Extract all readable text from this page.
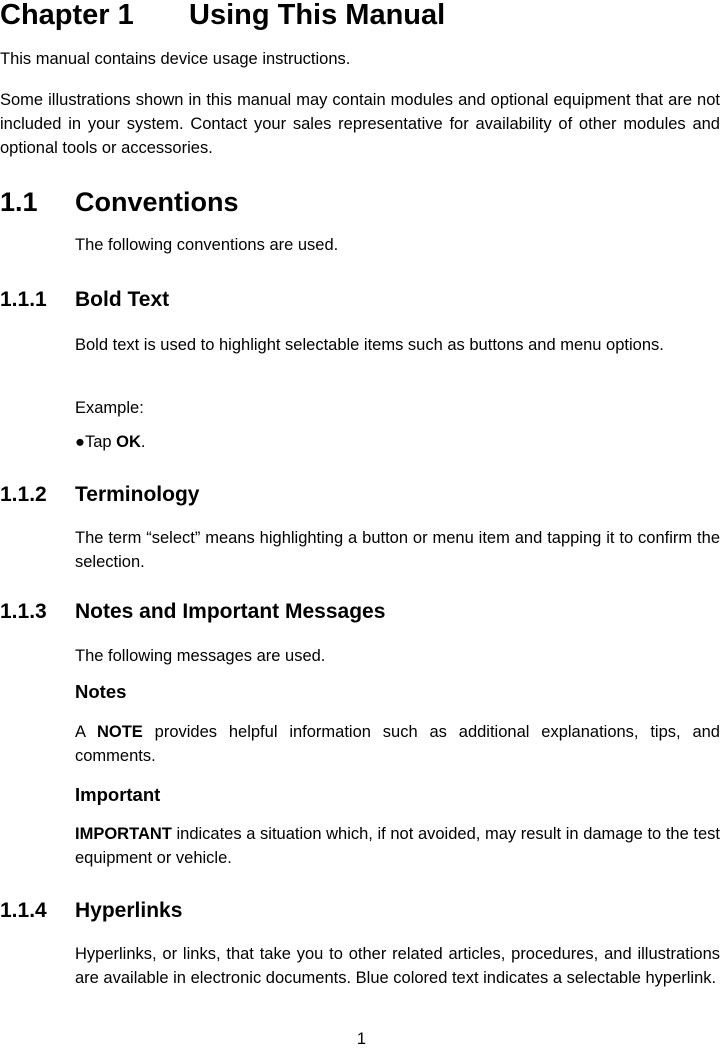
Chapter 1 Using This Manual
This manual contains device usage instructions.
Some illustrations shown in this manual may contain modules and optional equipment that are not included in your system. Contact your sales representative for availability of other modules and optional tools or accessories.
1.1 Conventions
The following conventions are used.
1.1.1 Bold Text
Bold text is used to highlight selectable items such as buttons and menu options.
Example:
●Tap OK.
1.1.2 Terminology
The term “select” means highlighting a button or menu item and tapping it to confirm the selection.
1.1.3 Notes and Important Messages
The following messages are used.
Notes
A NOTE provides helpful information such as additional explanations, tips, and comments.
Important
IMPORTANT indicates a situation which, if not avoided, may result in damage to the test equipment or vehicle.
1.1.4 Hyperlinks
Hyperlinks, or links, that take you to other related articles, procedures, and illustrations are available in electronic documents. Blue colored text indicates a selectable hyperlink.
1
